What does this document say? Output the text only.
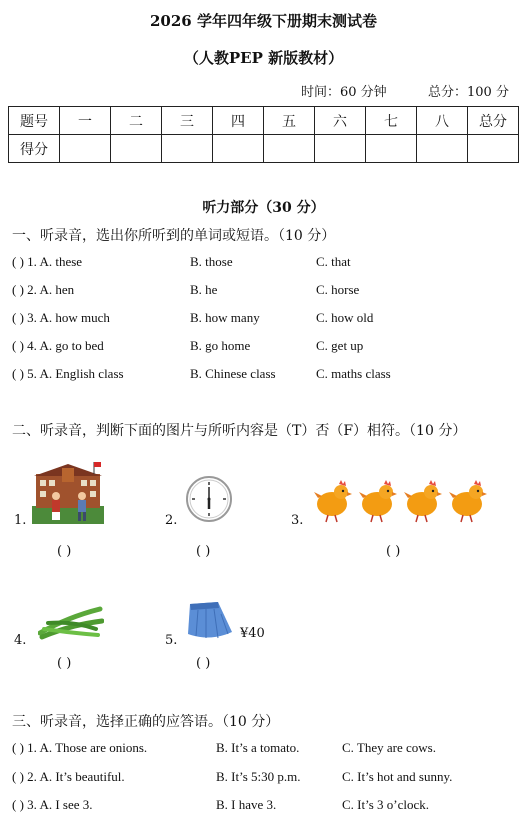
2026 学年四年级下册期末测试卷
（人教PEP 新版教材）
时间：60 分钟	总分：100 分
题号	一	二	三	四	五	六	七	八	总分
得分									
听力部分（30 分）
一、听录音，选出你所听到的单词或短语。（10 分）
( ) 1. A. these	B. those	C. that
( ) 2. A. hen	B. he	C. horse
( ) 3. A. how much	B. how many	C. how old
( ) 4. A. go to bed	B. go home	C. get up
( ) 5. A. English class	B. Chinese class	C. maths class
二、听录音，判断下面的图片与所听内容是（T）否（F）相符。（10 分）
1.
( )
2.
( )
3.
( )
4.
( )
5.	¥40
( )
三、听录音，选择正确的应答语。（10 分）
( ) 1. A. Those are onions.	B. It’s a tomato.	C. They are cows.
( ) 2. A. It’s beautiful.	B. It’s 5:30 p.m.	C. It’s hot and sunny.
( ) 3. A. I see 3.	B. I have 3.	C. It’s 3 o’clock.
